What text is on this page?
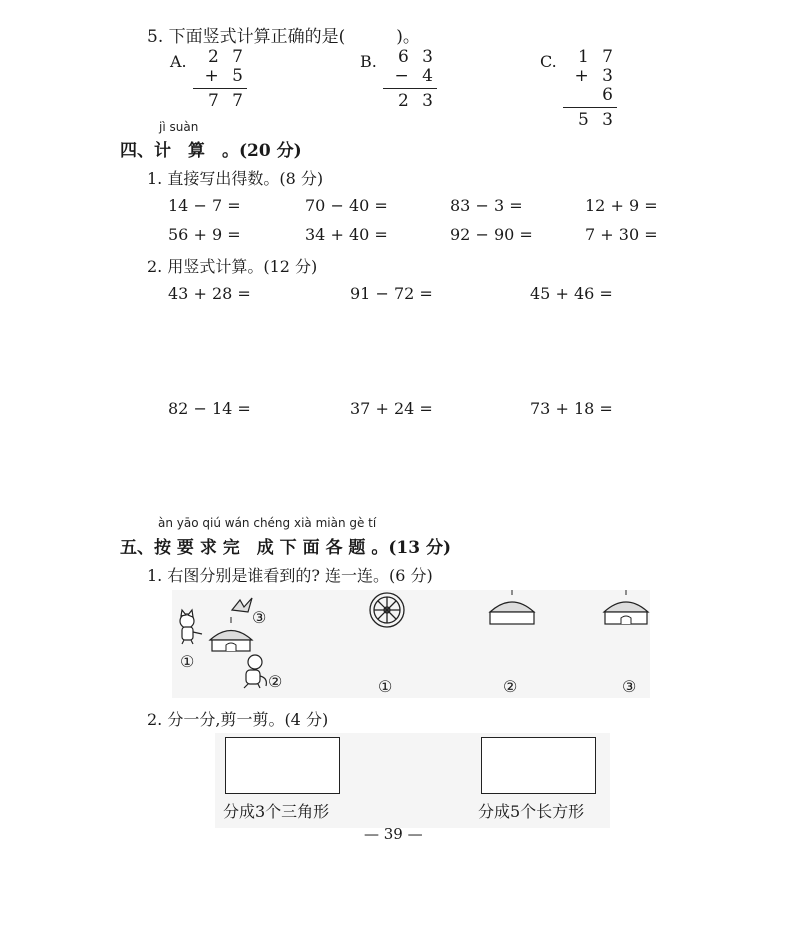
5. 下面竖式计算正确的是(　　　)。
A.	2 7
+ 5
7 7
B.	6 3
− 4
2 3
C.	1 7
+ 3 6
5 3
jì suàn
四、计　算　。(20 分)
1. 直接写出得数。(8 分)
14 − 7 =	70 − 40 =	83 − 3 =	12 + 9 =
56 + 9 =	34 + 40 =	92 − 90 =	7 + 30 =
2. 用竖式计算。(12 分)
43 + 28 =	91 − 72 =	45 + 46 =
82 − 14 =	37 + 24 =	73 + 18 =
àn yāo qiú wán chéng xià miàn gè tí
五、按 要 求 完　成 下 面 各 题 。(13 分)
1. 右图分别是谁看到的? 连一连。(6 分)
③
①
②	①	②	③
2. 分一分,剪一剪。(4 分)
分成3个三角形	分成5个长方形
— 39 —
